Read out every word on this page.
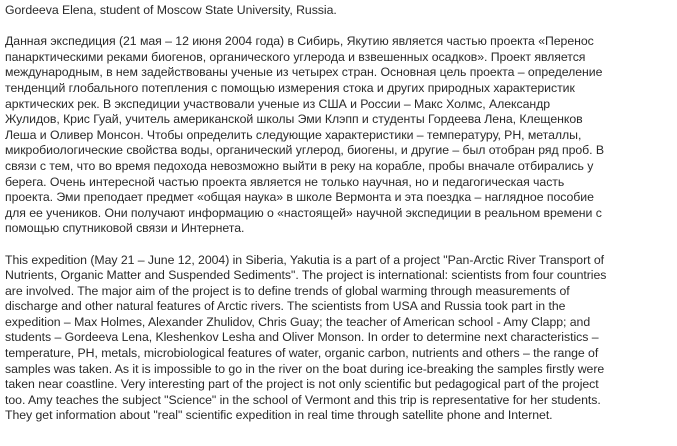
Gordeeva Elena, student of Moscow State University, Russia.
Данная экспедиция (21 мая – 12 июня 2004 года) в Сибирь, Якутию является частью проекта «Перенос
панарктическими реками биогенов, органического углерода и взвешенных осадков». Проект является
международным, в нем задействованы ученые из четырех стран. Основная цель проекта – определение
тенденций глобального потепления с помощью измерения стока и других природных характеристик
арктических рек. В экспедиции участвовали ученые из США и России – Макс Холмс, Александр
Жулидов, Крис Гуай, учитель американской школы Эми Клэпп и студенты Гордеева Лена, Клещенков
Леша и Оливер Монсон. Чтобы определить следующие характеристики – температуру, PH, металлы,
микробиологические свойства воды, органический углерод, биогены, и другие – был отобран ряд проб. В
связи с тем, что во время педохода невозможно выйти в реку на корабле, пробы вначале отбирались у
берега. Очень интересной частью проекта является не только научная, но и педагогическая часть
проекта. Эми преподает предмет «общая наука» в школе Вермонта и эта поездка – наглядное пособие
для ее учеников. Они получают информацию о «настоящей» научной экспедиции в реальном времени с
помощью спутниковой связи и Интернета.
This expedition (May 21 – June 12, 2004) in Siberia, Yakutia is a part of a project "Pan-Arctic River Transport of
Nutrients, Organic Matter and Suspended Sediments". The project is international: scientists from four countries
are involved. The major aim of the project is to define trends of global warming through measurements of
discharge and other natural features of Arctic rivers. The scientists from USA and Russia took part in the
expedition – Max Holmes, Alexander Zhulidov, Chris Guay; the teacher of American school - Amy Clapp; and
students – Gordeeva Lena, Kleshenkov Lesha and Oliver Monson. In order to determine next characteristics –
temperature, PH, metals, microbiological features of water, organic carbon, nutrients and others – the range of
samples was taken. As it is impossible to go in the river on the boat during ice-breaking the samples firstly were
taken near coastline. Very interesting part of the project is not only scientific but pedagogical part of the project
too. Amy teaches the subject "Science" in the school of Vermont and this trip is representative for her students.
They get information about "real" scientific expedition in real time through satellite phone and Internet.
